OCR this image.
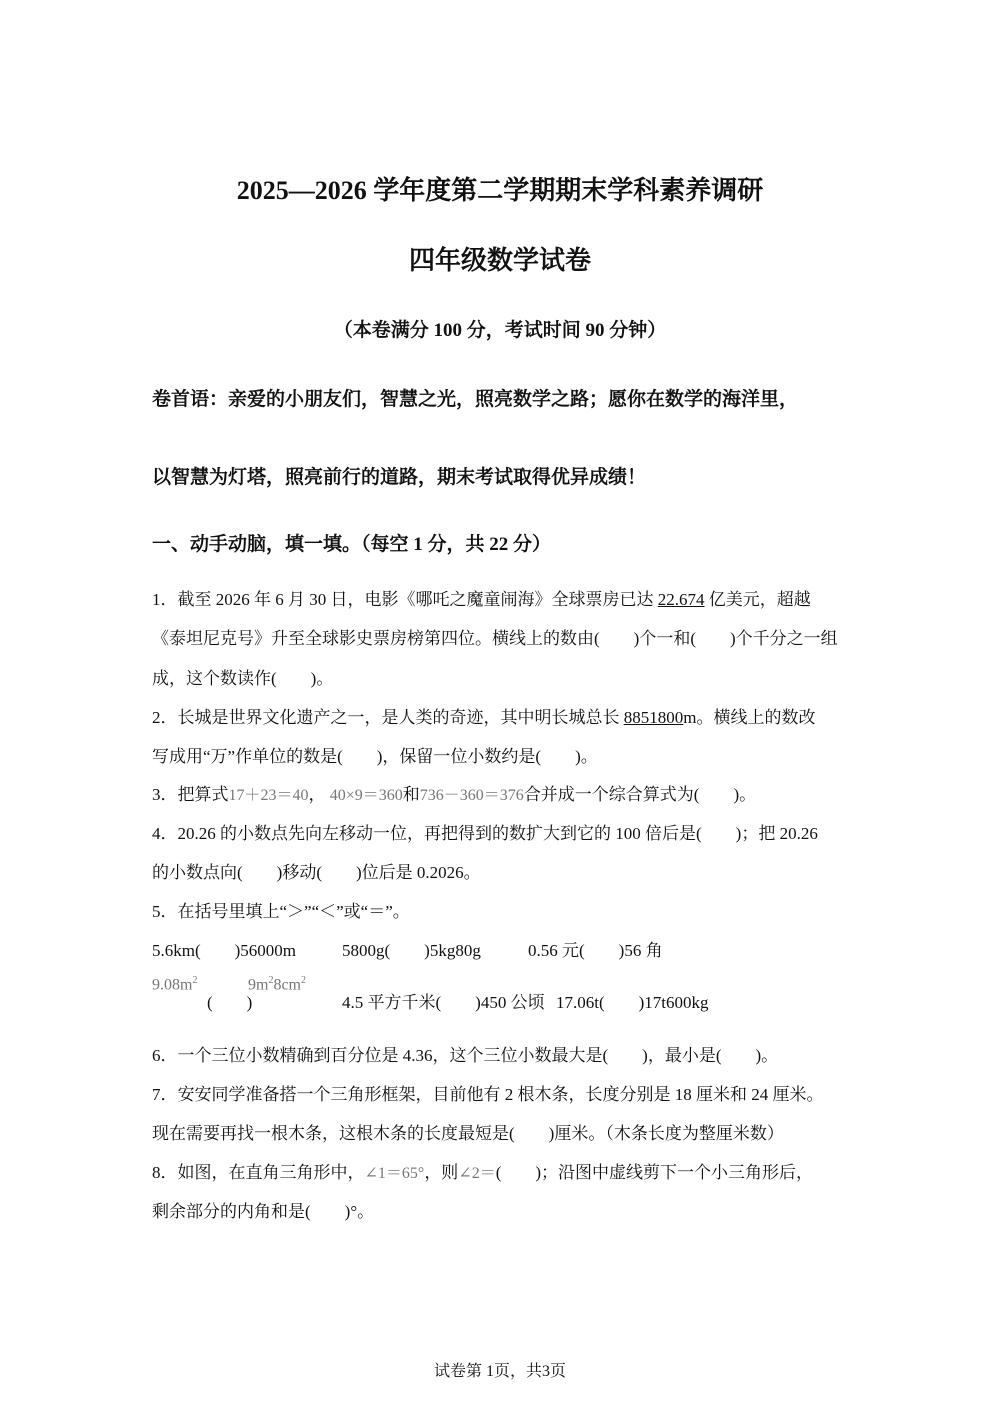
2025—2026 学年度第二学期期末学科素养调研
四年级数学试卷
（本卷满分 100 分，考试时间 90 分钟）
卷首语：亲爱的小朋友们，智慧之光，照亮数学之路；愿你在数学的海洋里，
以智慧为灯塔，照亮前行的道路，期末考试取得优异成绩！
一、动手动脑，填一填。（每空 1 分，共 22 分）
1．截至 2026 年 6 月 30 日，电影《哪吒之魔童闹海》全球票房已达 22.674 亿美元，超越
《泰坦尼克号》升至全球影史票房榜第四位。横线上的数由(　　)个一和(　　)个千分之一组
成，这个数读作(　　)。
2．长城是世界文化遗产之一，是人类的奇迹，其中明长城总长 8851800m。横线上的数改
写成用“万”作单位的数是(　　)，保留一位小数约是(　　)。
3．把算式17＋23＝40， 40×9＝360和736－360＝376合并成一个综合算式为(　　)。
4．20.26 的小数点先向左移动一位，再把得到的数扩大到它的 100 倍后是(　　)；把 20.26
的小数点向(　　)移动(　　)位后是 0.2026。
5．在括号里填上“＞”“＜”或“＝”。
5.6km(　　)56000m	5800g(　　)5kg80g	0.56 元(　　)56 角
$9.08m^2$
(　　)
$9m^28cm^2$
4.5 平方千米(　　)450 公顷 17.06t(　　)17t600kg
6．一个三位小数精确到百分位是 4.36，这个三位小数最大是(　　)，最小是(　　)。
7．安安同学准备搭一个三角形框架，目前他有 2 根木条，长度分别是 18 厘米和 24 厘米。
现在需要再找一根木条，这根木条的长度最短是(　　)厘米。（木条长度为整厘米数）
8．如图，在直角三角形中，∠1＝65°，则∠2＝(　　)；沿图中虚线剪下一个小三角形后，
剩余部分的内角和是(　　)°。
试卷第 1页，共3页
